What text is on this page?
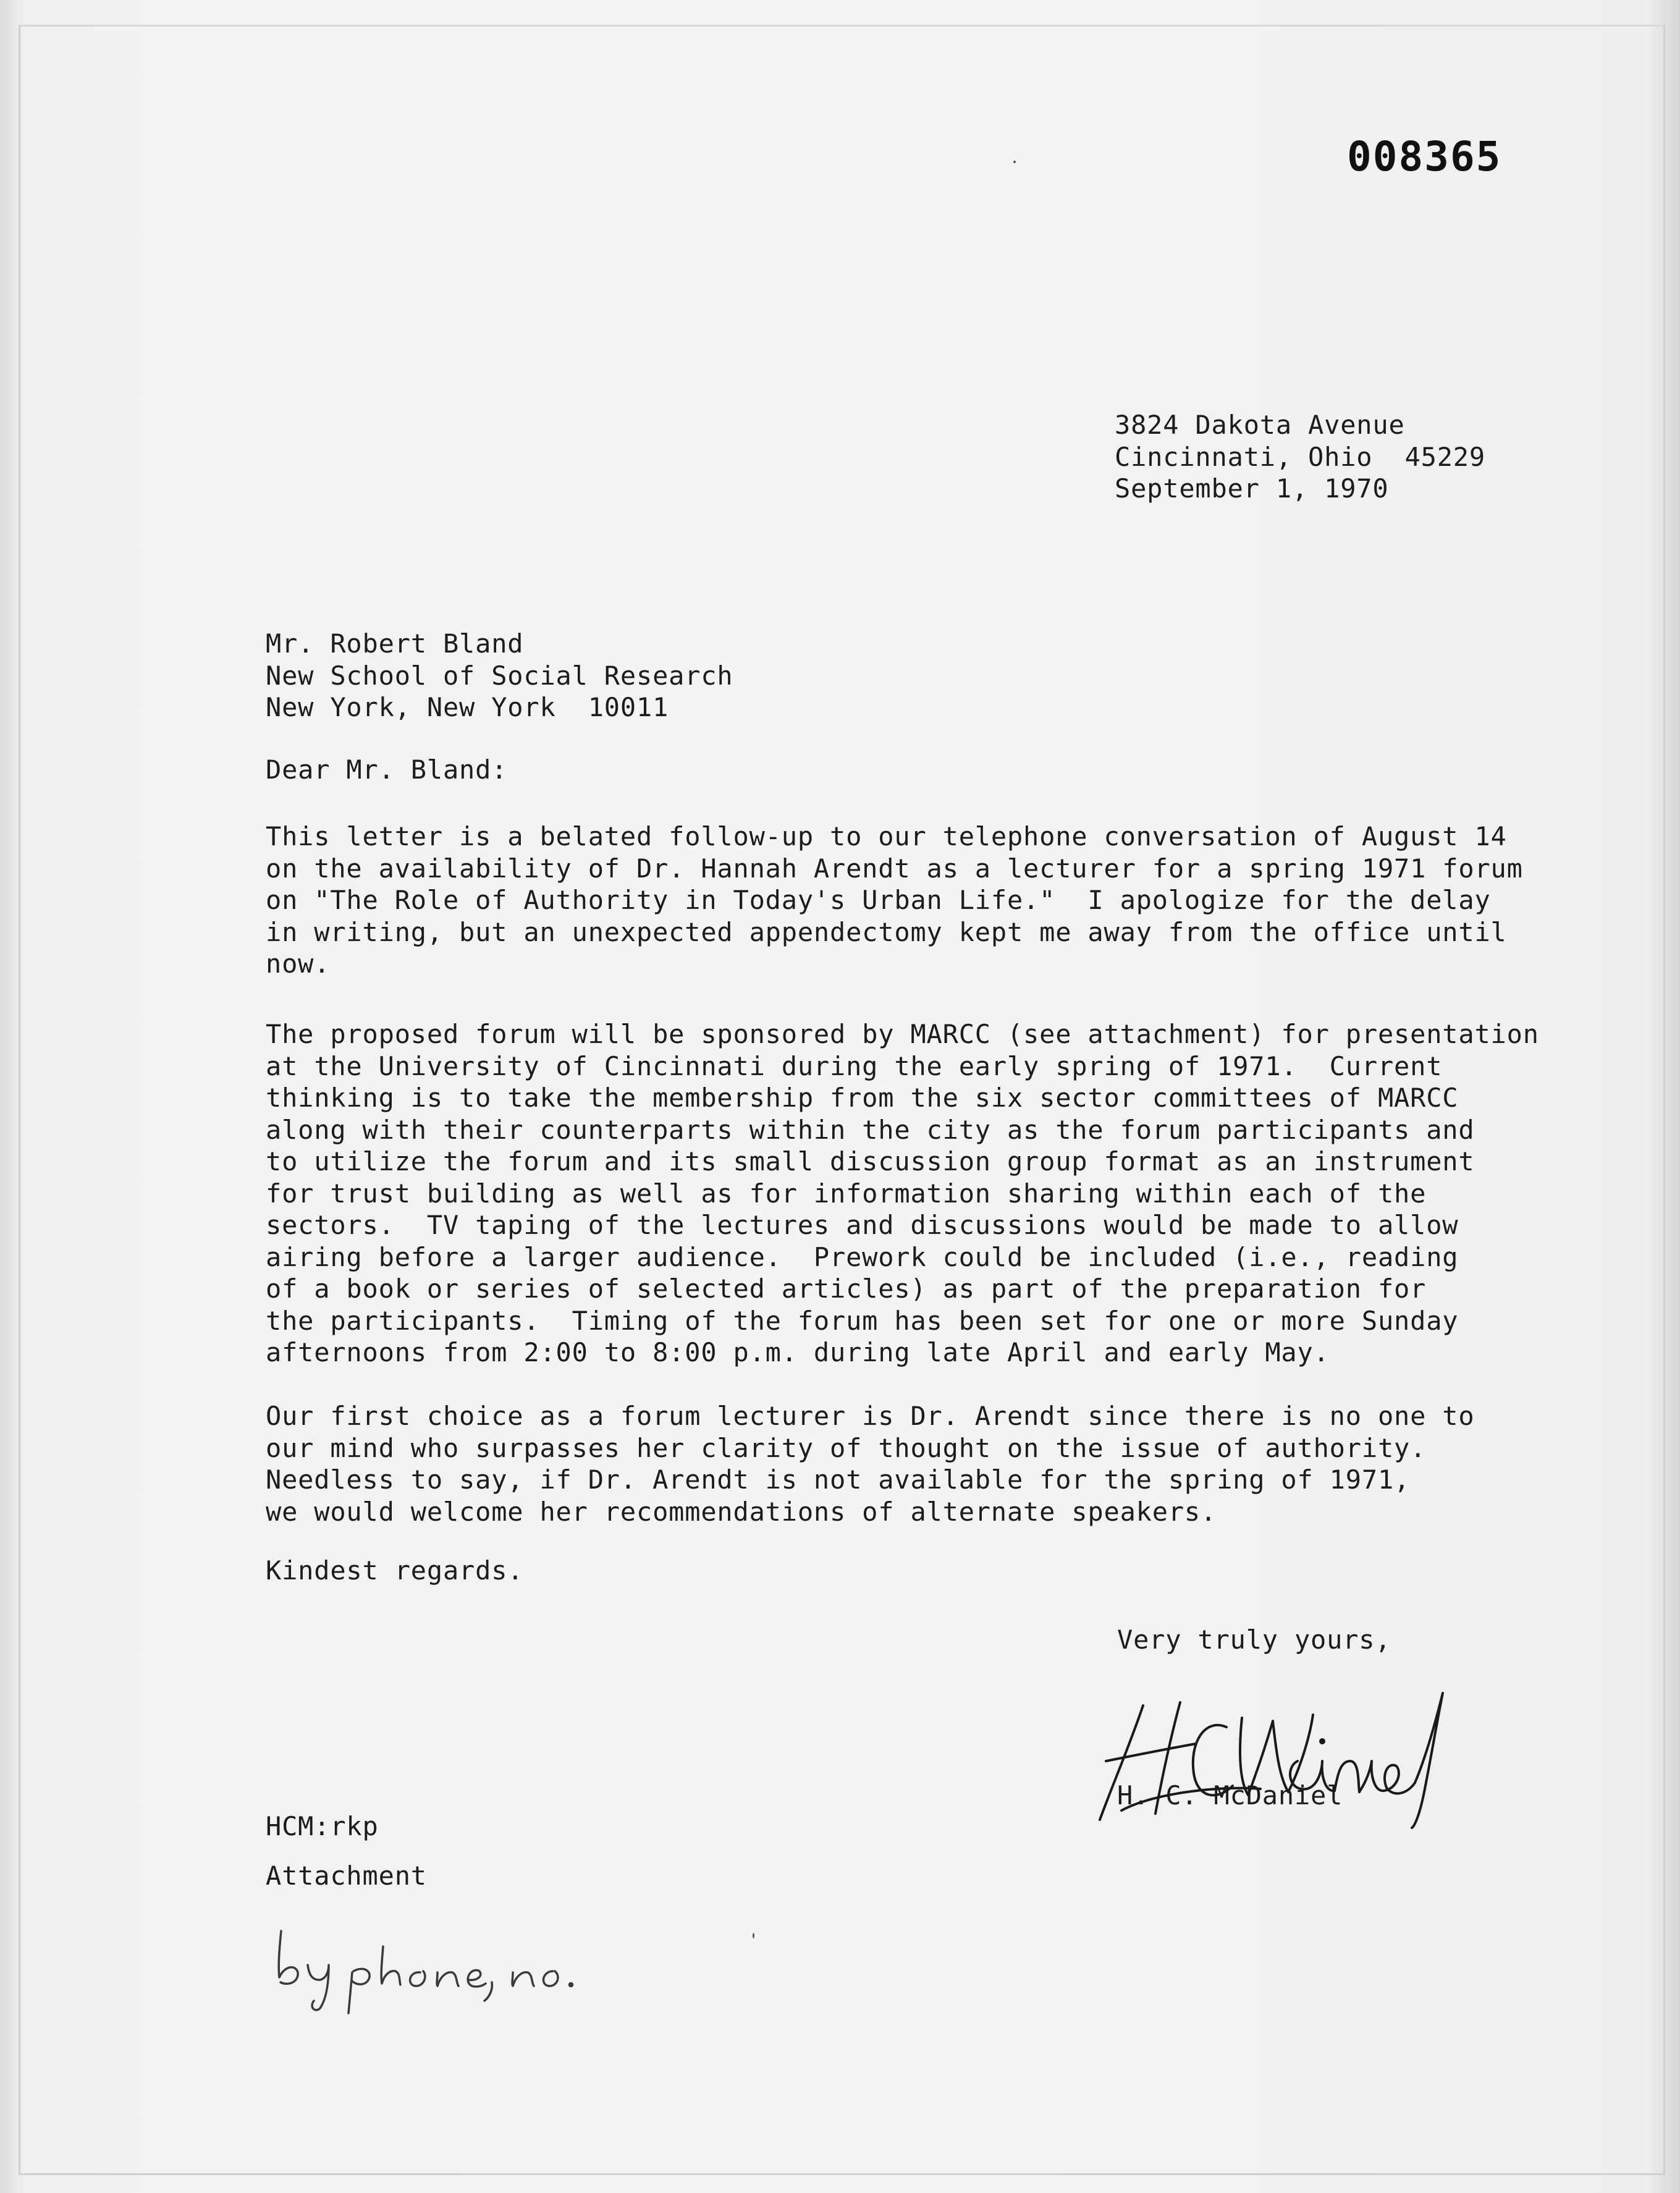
008365
3824 Dakota Avenue
Cincinnati, Ohio  45229
September 1, 1970
Mr. Robert Bland
New School of Social Research
New York, New York  10011
Dear Mr. Bland:
This letter is a belated follow-up to our telephone conversation of August 14
on the availability of Dr. Hannah Arendt as a lecturer for a spring 1971 forum
on "The Role of Authority in Today's Urban Life."  I apologize for the delay
in writing, but an unexpected appendectomy kept me away from the office until
now.
The proposed forum will be sponsored by MARCC (see attachment) for presentation
at the University of Cincinnati during the early spring of 1971.  Current
thinking is to take the membership from the six sector committees of MARCC
along with their counterparts within the city as the forum participants and
to utilize the forum and its small discussion group format as an instrument
for trust building as well as for information sharing within each of the
sectors.  TV taping of the lectures and discussions would be made to allow
airing before a larger audience.  Prework could be included (i.e., reading
of a book or series of selected articles) as part of the preparation for
the participants.  Timing of the forum has been set for one or more Sunday
afternoons from 2:00 to 8:00 p.m. during late April and early May.
Our first choice as a forum lecturer is Dr. Arendt since there is no one to
our mind who surpasses her clarity of thought on the issue of authority.
Needless to say, if Dr. Arendt is not available for the spring of 1971,
we would welcome her recommendations of alternate speakers.
Kindest regards.
Very truly yours,
H. C. McDaniel
HCM:rkp
Attachment
